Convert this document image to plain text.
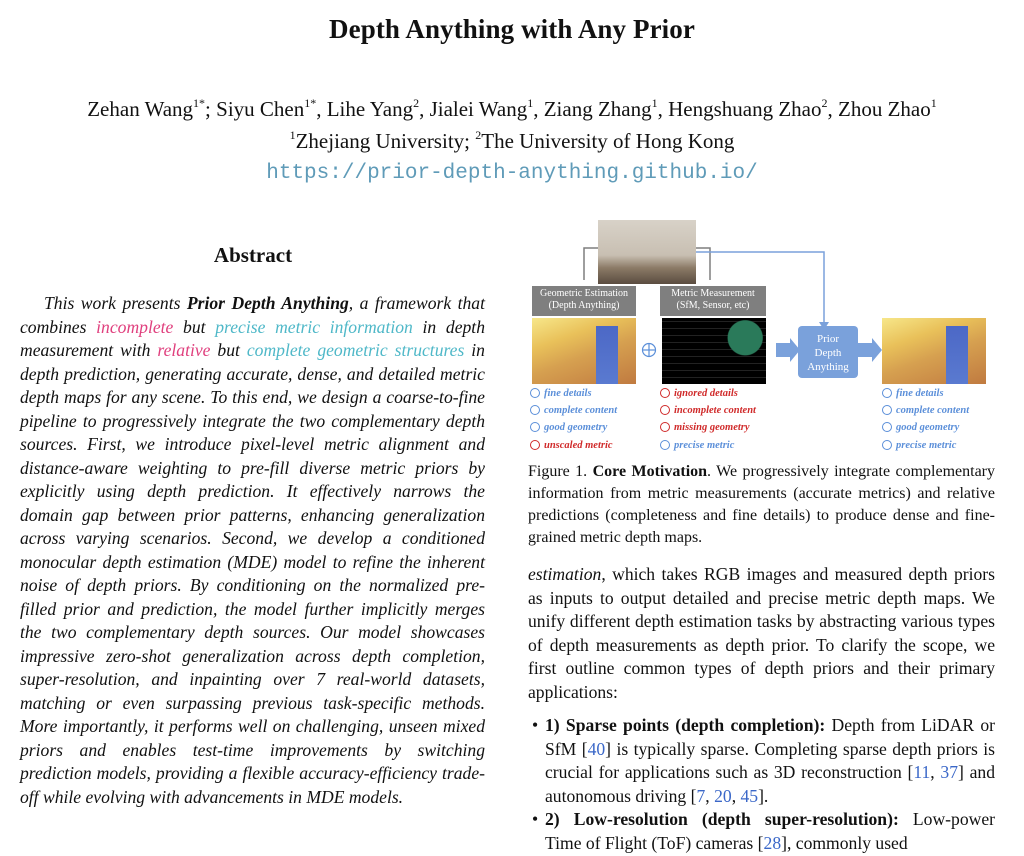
Depth Anything with Any Prior
Zehan Wang$^{1*}$; Siyu Chen$^{1*}$, Lihe Yang$^2$, Jialei Wang$^1$, Ziang Zhang$^1$, Hengshuang Zhao$^2$, Zhou Zhao$^1$
$^1$Zhejiang University; $^2$The University of Hong Kong
https://prior-depth-anything.github.io/
Abstract

This work presents Prior Depth Anything, a framework that combines incomplete but precise metric information in depth measurement with relative but complete geometric structures in depth prediction, generating accurate, dense, and detailed metric depth maps for any scene. To this end, we design a coarse-to-fine pipeline to progressively integrate the two complementary depth sources. First, we introduce pixel-level metric alignment and distance-aware weighting to pre-fill diverse metric priors by explicitly using depth prediction. It effectively narrows the domain gap between prior patterns, enhancing generalization across varying scenarios. Second, we develop a conditioned monocular depth estimation (MDE) model to refine the inherent noise of depth priors. By conditioning on the normalized pre-filled prior and prediction, the model further implicitly merges the two complementary depth sources. Our model showcases impressive zero-shot generalization across depth completion, super-resolution, and inpainting over 7 real-world datasets, matching or even surpassing previous task-specific methods. More importantly, it performs well on challenging, unseen mixed priors and enables test-time improvements by switching prediction models, providing a flexible accuracy-efficiency trade-off while evolving with advancements in MDE models.

Geometric Estimation
(Depth Anything)
Metric Measurement
(SfM, Sensor, etc)
Prior
Depth
Anything
fine details
complete content
good geometry
unscaled metric
ignored details
incomplete content
missing geometry
precise metric
fine details
complete content
good geometry
precise metric
Figure 1. Core Motivation. We progressively integrate complementary information from metric measurements (accurate metrics) and relative predictions (completeness and fine details) to produce dense and fine-grained metric depth maps.
estimation, which takes RGB images and measured depth priors as inputs to output detailed and precise metric depth maps. We unify different depth estimation tasks by abstracting various types of depth measurements as depth prior. To clarify the scope, we first outline common types of depth priors and their primary applications:
• 1) Sparse points (depth completion): Depth from LiDAR or SfM [40] is typically sparse. Completing sparse depth priors is crucial for applications such as 3D reconstruction [11, 37] and autonomous driving [7, 20, 45].
• 2) Low-resolution (depth super-resolution): Low-power Time of Flight (ToF) cameras [28], commonly used
